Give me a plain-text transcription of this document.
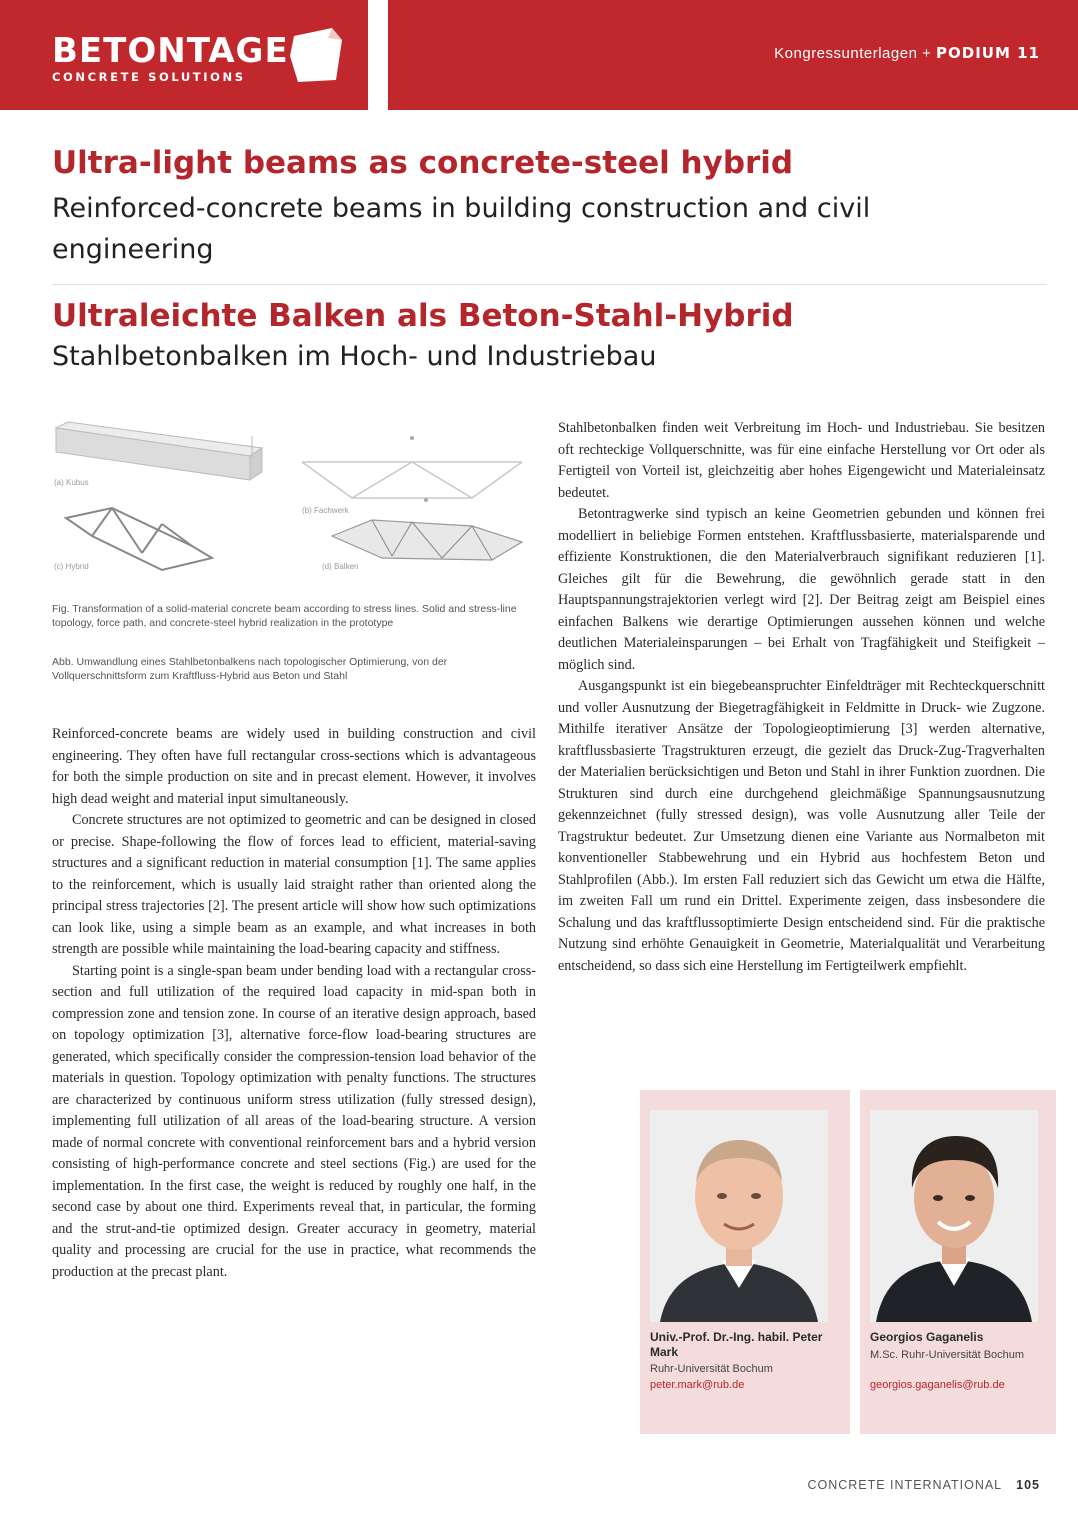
BETONTAGE
CONCRETE SOLUTIONS
Kongressunterlagen + PODIUM 11
Ultra-light beams as concrete-steel hybrid
Reinforced-concrete beams in building construction and civil engineering
Ultraleichte Balken als Beton-Stahl-Hybrid
Stahlbetonbalken im Hoch- und Industriebau
(a) Kubus
(b) Fachwerk
(c) Hybrid	(d) Balken
Fig. Transformation of a solid-material concrete beam according to stress lines. Solid and stress-line topology, force path, and concrete-steel hybrid realization in the prototype
Abb. Umwandlung eines Stahlbetonbalkens nach topologischer Optimierung, von der Vollquerschnittsform zum Kraftfluss-Hybrid aus Beton und Stahl

Reinforced-concrete beams are widely used in building construction and civil engineering. They often have full rectangular cross-sections which is advantageous for both the simple production on site and in precast element. However, it involves high dead weight and material input simultaneously.

Concrete structures are not optimized to geometric and can be designed in closed or precise. Shape-following the flow of forces lead to efficient, material-saving structures and a significant reduction in material consumption [1]. The same applies to the reinforcement, which is usually laid straight rather than oriented along the principal stress trajectories [2]. The present article will show how such optimizations can look like, using a simple beam as an example, and what increases in both strength are possible while maintaining the load-bearing capacity and stiffness.

Starting point is a single-span beam under bending load with a rectangular cross-section and full utilization of the required load capacity in mid-span both in compression zone and tension zone. In course of an iterative design approach, based on topology optimization [3], alternative force-flow load-bearing structures are generated, which specifically consider the compression-tension load behavior of the materials in question. Topology optimization with penalty functions. The structures are characterized by continuous uniform stress utilization (fully stressed design), implementing full utilization of all areas of the load-bearing structure. A version made of normal concrete with conventional reinforcement bars and a hybrid version consisting of high-performance concrete and steel sections (Fig.) are used for the implementation. In the first case, the weight is reduced by roughly one half, in the second case by about one third. Experiments reveal that, in particular, the forming and the strut-and-tie optimized design. Greater accuracy in geometry, material quality and processing are crucial for the use in practice, what recommends the production at the precast plant.

Stahlbetonbalken finden weit Verbreitung im Hoch- und Industriebau. Sie besitzen oft rechteckige Vollquerschnitte, was für eine einfache Herstellung vor Ort oder als Fertigteil von Vorteil ist, gleichzeitig aber hohes Eigengewicht und Materialeinsatz bedeutet.

Betontragwerke sind typisch an keine Geometrien gebunden und können frei modelliert in beliebige Formen entstehen. Kraftflussbasierte, materialsparende und effiziente Konstruktionen, die den Materialverbrauch signifikant reduzieren [1]. Gleiches gilt für die Bewehrung, die gewöhnlich gerade statt in den Hauptspannungstrajektorien verlegt wird [2]. Der Beitrag zeigt am Beispiel eines einfachen Balkens wie derartige Optimierungen aussehen können und welche deutlichen Materialeinsparungen – bei Erhalt von Tragfähigkeit und Steifigkeit – möglich sind.

Ausgangspunkt ist ein biegebeanspruchter Einfeldträger mit Rechteckquerschnitt und voller Ausnutzung der Biegetragfähigkeit in Feldmitte in Druck- wie Zugzone. Mithilfe iterativer Ansätze der Topologieoptimierung [3] werden alternative, kraftflussbasierte Tragstrukturen erzeugt, die gezielt das Druck-Zug-Tragverhalten der Materialien berücksichtigen und Beton und Stahl in ihrer Funktion zuordnen. Die Strukturen sind durch eine durchgehend gleichmäßige Spannungsausnutzung gekennzeichnet (fully stressed design), was volle Ausnutzung aller Teile der Tragstruktur bedeutet. Zur Umsetzung dienen eine Variante aus Normalbeton mit konventioneller Stabbewehrung und ein Hybrid aus hochfestem Beton und Stahlprofilen (Abb.). Im ersten Fall reduziert sich das Gewicht um etwa die Hälfte, im zweiten Fall um rund ein Drittel. Experimente zeigen, dass insbesondere die Schalung und das kraftflussoptimierte Design entscheidend sind. Für die praktische Nutzung sind erhöhte Genauigkeit in Geometrie, Materialqualität und Verarbeitung entscheidend, so dass sich eine Herstellung im Fertigteilwerk empfiehlt.

Univ.-Prof. Dr.-Ing. habil. Peter Mark
Ruhr-Universität Bochum
peter.mark@rub.de
Georgios Gaganelis
M.Sc. Ruhr-Universität Bochum
georgios.gaganelis@rub.de
CONCRETE INTERNATIONAL 105
